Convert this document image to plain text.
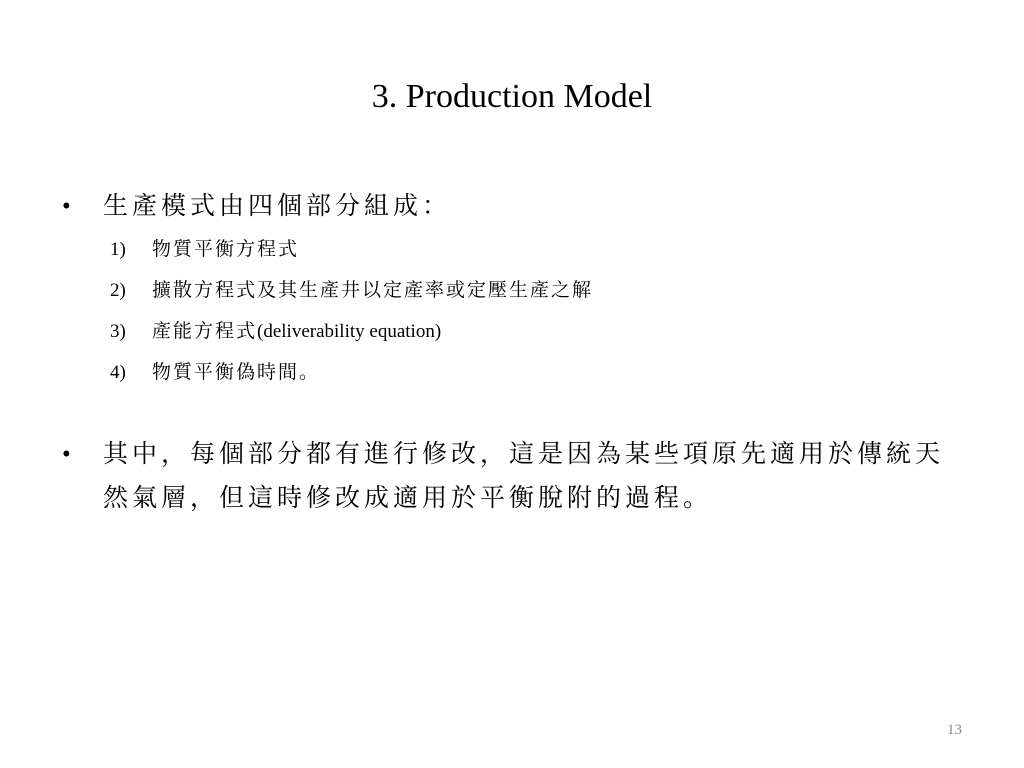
3. Production Model
• 生產模式由四個部分組成：
1) 物質平衡方程式
2) 擴散方程式及其生產井以定產率或定壓生產之解
3) 產能方程式(deliverability equation)
4) 物質平衡偽時間。
• 其中，每個部分都有進行修改，這是因為某些項原先適用於傳統天然氣層，但這時修改成適用於平衡脫附的過程。
13
